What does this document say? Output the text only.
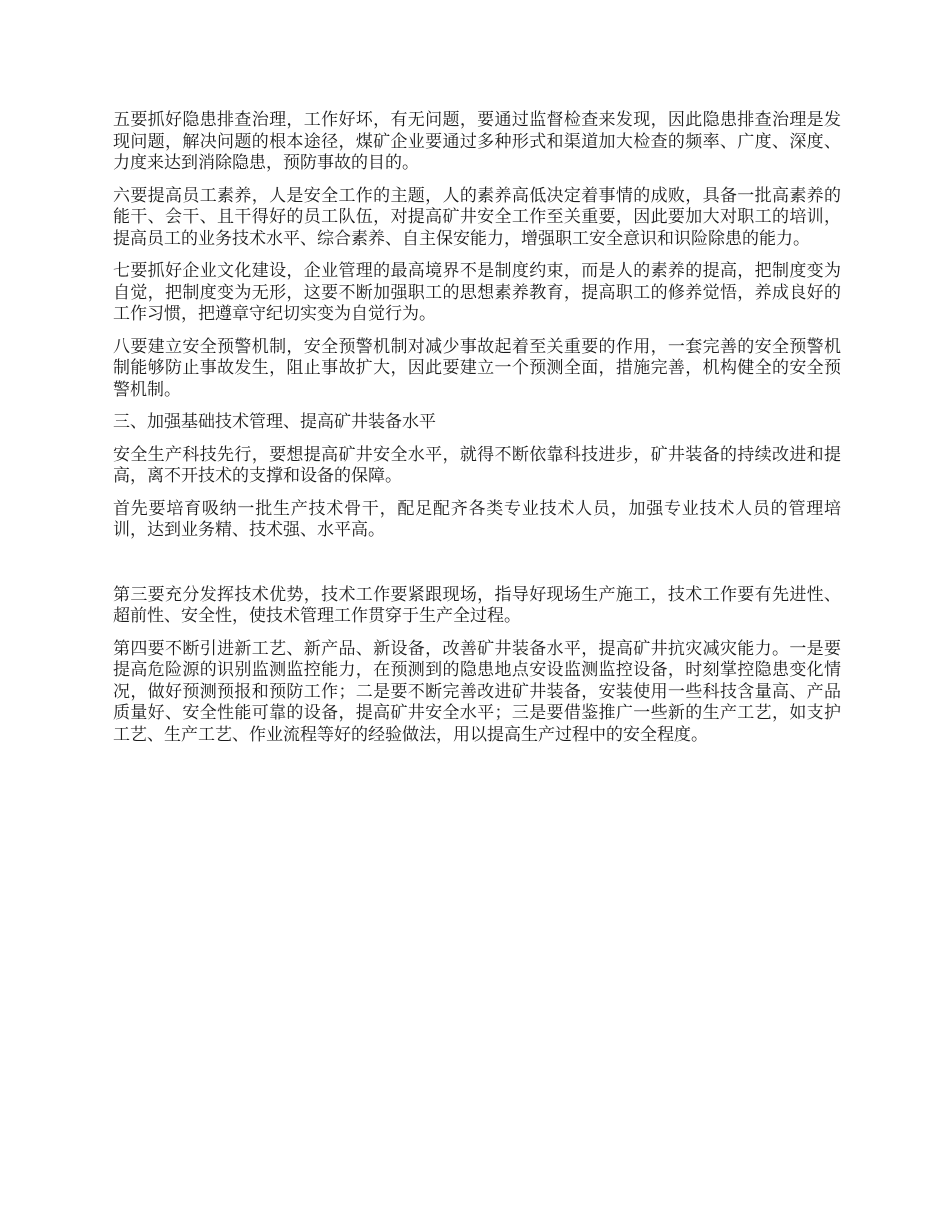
五要抓好隐患排查治理，工作好坏，有无问题，要通过监督检查来发现，因此隐患排查治理是发现问题，解决问题的根本途径，煤矿企业要通过多种形式和渠道加大检查的频率、广度、深度、力度来达到消除隐患，预防事故的目的。

六要提高员工素养，人是安全工作的主题，人的素养高低决定着事情的成败，具备一批高素养的能干、会干、且干得好的员工队伍，对提高矿井安全工作至关重要，因此要加大对职工的培训，提高员工的业务技术水平、综合素养、自主保安能力，增强职工安全意识和识险除患的能力。

七要抓好企业文化建设，企业管理的最高境界不是制度约束，而是人的素养的提高，把制度变为自觉，把制度变为无形，这要不断加强职工的思想素养教育，提高职工的修养觉悟，养成良好的工作习惯，把遵章守纪切实变为自觉行为。

八要建立安全预警机制，安全预警机制对减少事故起着至关重要的作用，一套完善的安全预警机制能够防止事故发生，阻止事故扩大，因此要建立一个预测全面，措施完善，机构健全的安全预警机制。

三、加强基础技术管理、提高矿井装备水平

安全生产科技先行，要想提高矿井安全水平，就得不断依靠科技进步，矿井装备的持续改进和提高，离不开技术的支撑和设备的保障。

首先要培育吸纳一批生产技术骨干，配足配齐各类专业技术人员，加强专业技术人员的管理培训，达到业务精、技术强、水平高。

第三要充分发挥技术优势，技术工作要紧跟现场，指导好现场生产施工，技术工作要有先进性、超前性、安全性，使技术管理工作贯穿于生产全过程。

第四要不断引进新工艺、新产品、新设备，改善矿井装备水平，提高矿井抗灾减灾能力。一是要提高危险源的识别监测监控能力，在预测到的隐患地点安设监测监控设备，时刻掌控隐患变化情况，做好预测预报和预防工作；二是要不断完善改进矿井装备，安装使用一些科技含量高、产品质量好、安全性能可靠的设备，提高矿井安全水平；三是要借鉴推广一些新的生产工艺，如支护工艺、生产工艺、作业流程等好的经验做法，用以提高生产过程中的安全程度。
